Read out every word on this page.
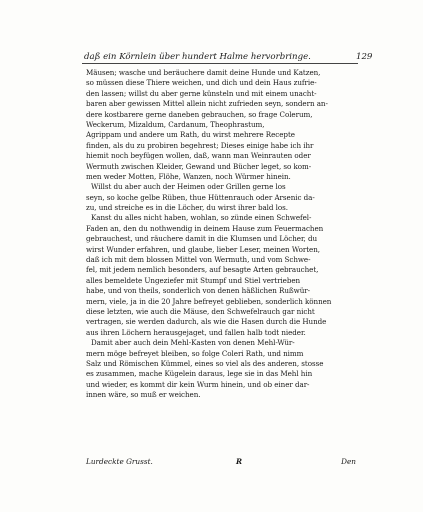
daß ein Körnlein über hundert Halme hervorbringe.	129
Mäusen; wasche und beräuchere damit deine Hunde und Katzen,
so müssen diese Thiere weichen, und dich und dein Haus zufrie-
den lassen; willst du aber gerne künsteln und mit einem unacht-
baren aber gewissen Mittel allein nicht zufrieden seyn, sondern an-
dere kostbarere gerne daneben gebrauchen, so frage Colerum,
Weckerum, Mizaldum, Cardanum, Theophrastum,
Agrippam und andere um Rath, du wirst mehrere Recepte
finden, als du zu probiren begehrest; Dieses einige habe ich ihr
hiemit noch beyfügen wollen, daß, wann man Weinrauten oder
Wermuth zwischen Kleider, Gewand und Bücher leget, so kom-
men weder Motten, Flöhe, Wanzen, noch Würmer hinein.
Willst du aber auch der Heimen oder Grillen gerne los
seyn, so koche gelbe Rüben, thue Hüttenrauch oder Arsenic da-
zu, und streiche es in die Löcher, du wirst ihrer bald los.
Kanst du alles nicht haben, wohlan, so zünde einen Schwefel-
Faden an, den du nothwendig in deinem Hause zum Feuermachen
gebrauchest, und räuchere damit in die Klumsen und Löcher, du
wirst Wunder erfahren, und glaube, lieber Leser, meinen Worten,
daß ich mit dem blossen Mittel von Wermuth, und vom Schwe-
fel, mit jedem nemlich besonders, auf besagte Arten gebrauchet,
alles bemeldete Ungeziefer mit Stumpf und Stiel vertrieben
habe, und von theils, sonderlich von denen häßlichen Rußwür-
mern, viele, ja in die 20 Jahre befreyet geblieben, sonderlich können
diese letzten, wie auch die Mäuse, den Schwefelrauch gar nicht
vertragen, sie werden dadurch, als wie die Hasen durch die Hunde
aus ihren Löchern herausgejaget, und fallen halb todt nieder.
Damit aber auch dein Mehl-Kasten von denen Mehl-Wür-
mern möge befreyet bleiben, so folge Coleri Rath, und nimm
Salz und Römischen Kümmel, eines so viel als des anderen, stosse
es zusammen, mache Kügelein daraus, lege sie in das Mehl hin
und wieder, es kommt dir kein Wurm hinein, und ob einer dar-
innen wäre, so muß er weichen.
Lurdeckte Grusst.	R	Den
